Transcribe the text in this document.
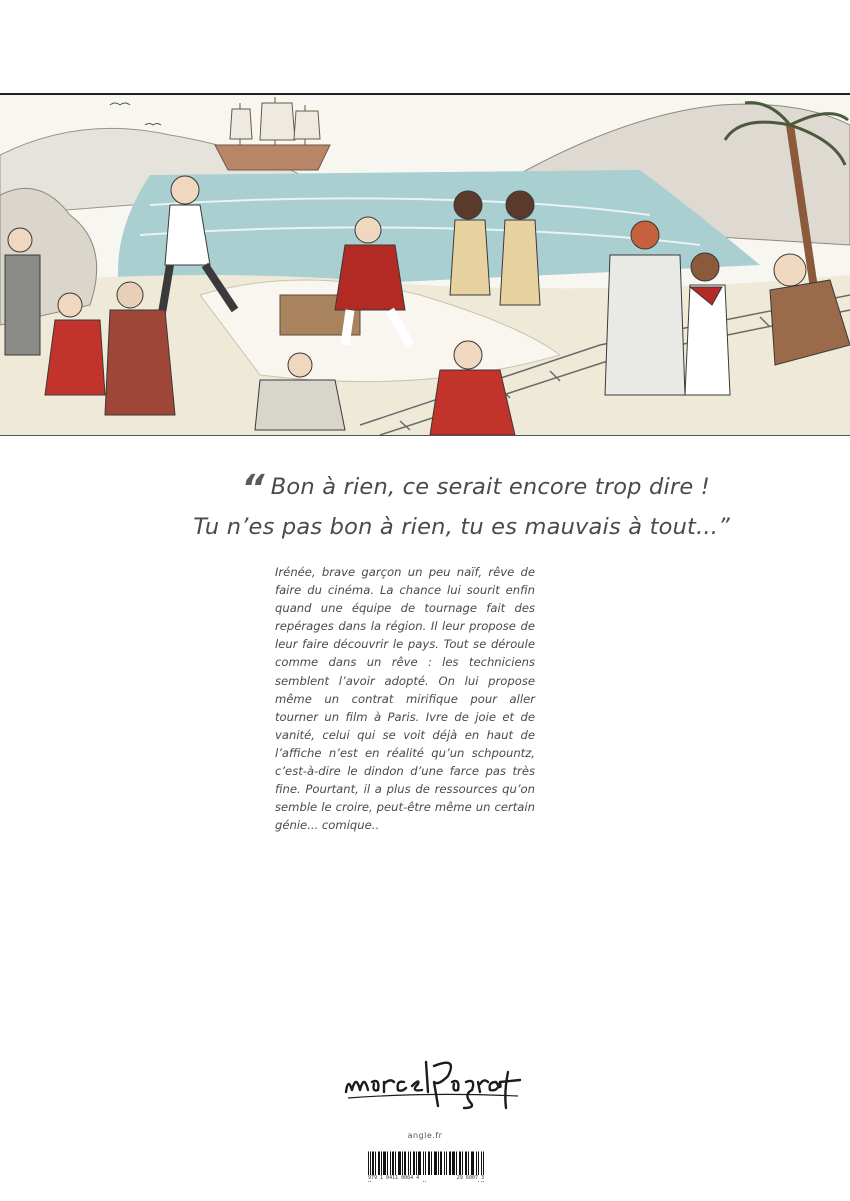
“ Bon à rien, ce serait encore trop dire !
Tu n’es pas bon à rien, tu es mauvais à tout...”
Irénée, brave garçon un peu naïf, rêve de faire du cinéma. La chance lui sourit enfin quand une équipe de tournage fait des repérages dans la région. Il leur propose de leur faire découvrir le pays. Tout se déroule comme dans un rêve : les techniciens semblent l’avoir adopté. On lui propose même un contrat mirifique pour aller tourner un film à Paris. Ivre de joie et de vanité, celui qui se voit déjà en haut de l’affiche n’est en réalité qu’un schpountz, c’est-à-dire le dindon d’une farce pas très fine. Pourtant, il a plus de ressources qu’on semble le croire, peut-être même un certain génie... comique..
angle.fr
979 1 0411 0064 4	29 6007 3
